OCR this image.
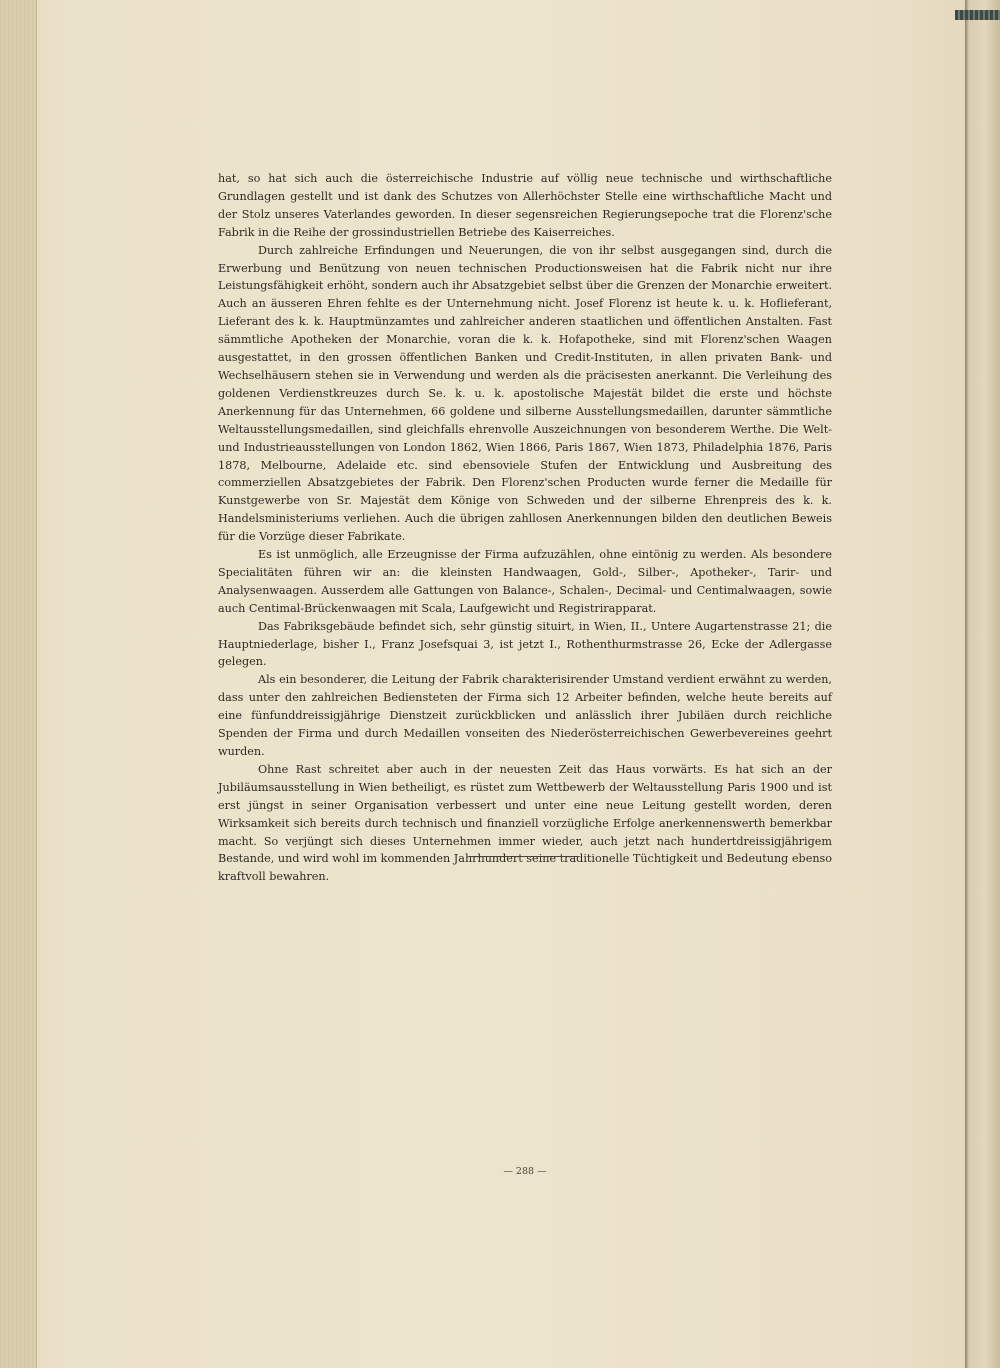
hat, so hat sich auch die österreichische Industrie auf völlig neue technische und wirthschaftliche Grundlagen gestellt und ist dank des Schutzes von Allerhöchster Stelle eine wirthschaftliche Macht und der Stolz unseres Vaterlandes geworden. In dieser segensreichen Regierungsepoche trat die Florenz'sche Fabrik in die Reihe der grossindustriellen Betriebe des Kaiserreiches.

Durch zahlreiche Erfindungen und Neuerungen, die von ihr selbst ausgegangen sind, durch die Erwerbung und Benützung von neuen technischen Productionsweisen hat die Fabrik nicht nur ihre Leistungsfähigkeit erhöht, sondern auch ihr Absatzgebiet selbst über die Grenzen der Monarchie erweitert. Auch an äusseren Ehren fehlte es der Unternehmung nicht. Josef Florenz ist heute k. u. k. Hoflieferant, Lieferant des k. k. Hauptmünzamtes und zahlreicher anderen staatlichen und öffentlichen Anstalten. Fast sämmtliche Apotheken der Monarchie, voran die k. k. Hofapotheke, sind mit Florenz'schen Waagen ausgestattet, in den grossen öffentlichen Banken und Credit-Instituten, in allen privaten Bank- und Wechselhäusern stehen sie in Verwendung und werden als die präcisesten anerkannt. Die Verleihung des goldenen Verdienstkreuzes durch Se. k. u. k. apostolische Majestät bildet die erste und höchste Anerkennung für das Unternehmen, 66 goldene und silberne Ausstellungsmedaillen, darunter sämmtliche Weltausstellungsmedaillen, sind gleichfalls ehrenvolle Auszeichnungen von besonderem Werthe. Die Welt- und Industrieausstellungen von London 1862, Wien 1866, Paris 1867, Wien 1873, Philadelphia 1876, Paris 1878, Melbourne, Adelaide etc. sind ebensoviele Stufen der Entwicklung und Ausbreitung des commerziellen Absatzgebietes der Fabrik. Den Florenz'schen Producten wurde ferner die Medaille für Kunstgewerbe von Sr. Majestät dem Könige von Schweden und der silberne Ehrenpreis des k. k. Handelsministeriums verliehen. Auch die übrigen zahllosen Anerkennungen bilden den deutlichen Beweis für die Vorzüge dieser Fabrikate.

Es ist unmöglich, alle Erzeugnisse der Firma aufzuzählen, ohne eintönig zu werden. Als besondere Specialitäten führen wir an: die kleinsten Handwaagen, Gold-, Silber-, Apotheker-, Tarir- und Analysenwaagen. Ausserdem alle Gattungen von Balance-, Schalen-, Decimal- und Centimalwaagen, sowie auch Centimal-Brückenwaagen mit Scala, Laufgewicht und Registrirapparat.

Das Fabriksgebäude befindet sich, sehr günstig situirt, in Wien, II., Untere Augartenstrasse 21; die Hauptniederlage, bisher I., Franz Josefsquai 3, ist jetzt I., Rothenthurmstrasse 26, Ecke der Adlergasse gelegen.

Als ein besonderer, die Leitung der Fabrik charakterisirender Umstand verdient erwähnt zu werden, dass unter den zahlreichen Bediensteten der Firma sich 12 Arbeiter befinden, welche heute bereits auf eine fünfunddreissigjährige Dienstzeit zurückblicken und anlässlich ihrer Jubiläen durch reichliche Spenden der Firma und durch Medaillen vonseiten des Niederösterreichischen Gewerbevereines geehrt wurden.

Ohne Rast schreitet aber auch in der neuesten Zeit das Haus vorwärts. Es hat sich an der Jubiläumsausstellung in Wien betheiligt, es rüstet zum Wettbewerb der Weltausstellung Paris 1900 und ist erst jüngst in seiner Organisation verbessert und unter eine neue Leitung gestellt worden, deren Wirksamkeit sich bereits durch technisch und finanziell vorzügliche Erfolge anerkennenswerth bemerkbar macht. So verjüngt sich dieses Unternehmen immer wieder, auch jetzt nach hundertdreissigjährigem Bestande, und wird wohl im kommenden Jahrhundert seine traditionelle Tüchtigkeit und Bedeutung ebenso kraftvoll bewahren.

— 288 —
